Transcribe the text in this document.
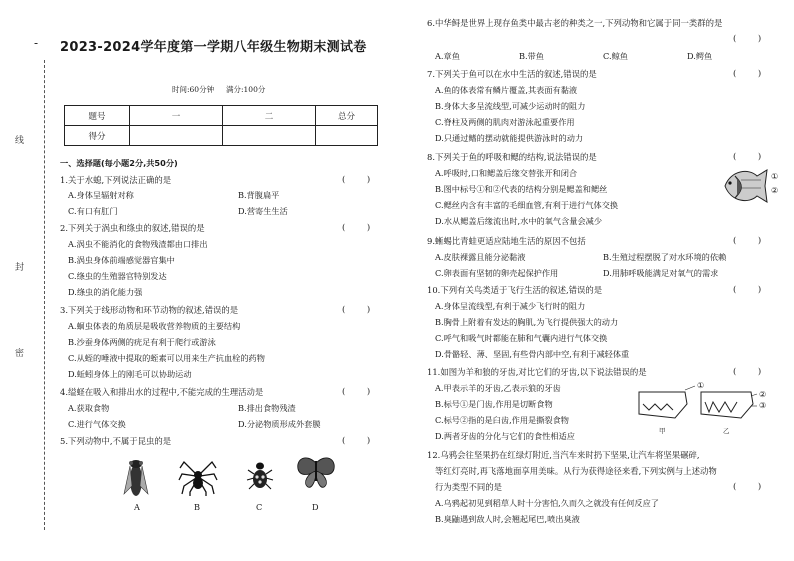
线
封
密
- 2023-2024学年度第一学期八年级生物期末测试卷
时间:60分钟 满分:100分
题号	一	二	总分
得分			
一、选择题(每小题2分,共50分)
1.关于水螅,下列说法正确的是	(        )
A.身体呈辐射对称	B.背腹扁平
C.有口有肛门	D.营寄生生活
2.下列关于涡虫和绦虫的叙述,错误的是	(        )
A.涡虫不能消化的食物残渣都由口排出
B.涡虫身体前端感觉器官集中
C.绦虫的生殖器官特别发达
D.绦虫的消化能力强
3.下列关于线形动物和环节动物的叙述,错误的是	(        )
A.蛔虫体表的角质层是吸收营养物质的主要结构
B.沙蚕身体两侧的疣足有利于爬行或游泳
C.从蛭的唾液中提取的蛭素可以用来生产抗血栓的药物
D.蚯蚓身体上的刚毛可以协助运动
4.缢蛏在吸入和排出水的过程中,不能完成的生理活动是	(        )
A.获取食物	B.排出食物残渣
C.进行气体交换	D.分泌物质形成外套膜
5.下列动物中,不属于昆虫的是	(        )
A	B	C	D
6.中华鲟是世界上现存鱼类中最古老的种类之一,下列动物和它属于同一类群的是
(        )
A.章鱼	B.带鱼	C.鲸鱼	D.鳄鱼
7.下列关于鱼可以在水中生活的叙述,错误的是	(        )
A.鱼的体表常有鳞片覆盖,其表面有黏液
B.身体大多呈流线型,可减少运动时的阻力
C.脊柱及两侧的肌肉对游泳起重要作用
D.只通过鳍的摆动就能提供游泳时的动力
8.下列关于鱼的呼吸和鳃的结构,说法错误的是	(        )
A.呼吸时,口和鳃盖后缘交替张开和闭合
B.图中标号①和②代表的结构分别是鳃盖和鳃丝
C.鳃丝内含有丰富的毛细血管,有利于进行气体交换
D.水从鳃盖后缘流出时,水中的氧气含量会减少
①
②
9.蜥蜴比青蛙更适应陆地生活的原因不包括	(        )
A.皮肤裸露且能分泌黏液	B.生殖过程摆脱了对水环境的依赖
C.卵表面有坚韧的卵壳起保护作用	D.用肺呼吸能满足对氧气的需求
10.下列有关鸟类适于飞行生活的叙述,错误的是	(        )
A.身体呈流线型,有利于减少飞行时的阻力
B.胸骨上附着有发达的胸肌,为飞行提供强大的动力
C.呼气和吸气时都能在肺和气囊内进行气体交换
D.骨骼轻、薄、坚固,有些骨内部中空,有利于减轻体重
11.如图为羊和狼的牙齿,对比它们的牙齿,以下说法错误的是	(        )
A.甲表示羊的牙齿,乙表示狼的牙齿
B.标号①是门齿,作用是切断食物
C.标号②指的是臼齿,作用是撕裂食物
D.两者牙齿的分化与它们的食性相适应
①
②
③
甲	乙
12.乌鸦会往坚果扔在红绿灯附近,当汽车来时扔下坚果,让汽车将坚果碾碎,
等红灯亮时,再飞落地面享用美味。从行为获得途径来看,下列实例与上述动物
行为类型不同的是	(        )
A.乌鸦起初见到稻草人时十分害怕,久而久之就没有任何反应了
B.臭鼬遇到敌人时,会翘起尾巴,喷出臭液
